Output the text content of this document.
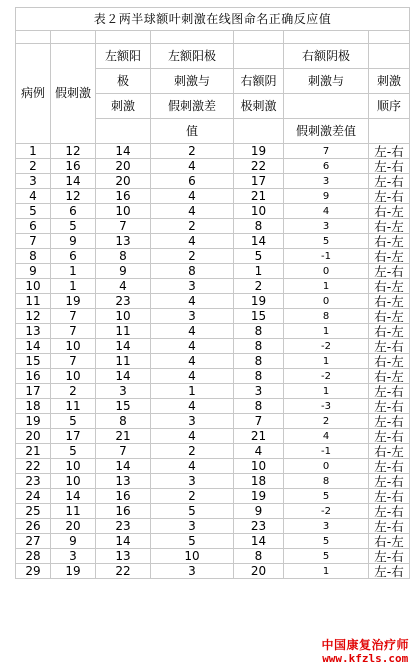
表２两半球额叶刺激在线图命名正确反应值						

病例	假刺激	左额阳	左额阳极		右额阴极	
		极	刺激与	右额阴	刺激与	刺激
		刺激	假刺激差	极刺激		顺序
			值		假刺激差值	
1	12	14	2	19	7	左-右
2	16	20	4	22	6	左-右
3	14	20	6	17	3	左-右
4	12	16	4	21	9	左-右
5	6	10	4	10	4	右-左
6	5	7	2	8	3	右-左
7	9	13	4	14	5	右-左
8	6	8	2	5	-1	右-左
9	1	9	8	1	0	左-右
10	1	4	3	2	1	右-左
11	19	23	4	19	0	右-左
12	7	10	3	15	8	右-左
13	7	11	4	8	1	右-左
14	10	14	4	8	-2	左-右
15	7	11	4	8	1	右-左
16	10	14	4	8	-2	右-左
17	2	3	1	3	1	左-右
18	11	15	4	8	-3	左-右
19	5	8	3	7	2	左-右
20	17	21	4	21	4	左-右
21	5	7	2	4	-1	右-左
22	10	14	4	10	0	左-右
23	10	13	3	18	8	左-右
24	14	16	2	19	5	左-右
25	11	16	5	9	-2	左-右
26	20	23	3	23	3	左-右
27	9	14	5	14	5	右-左
28	3	13	10	8	5	左-右
29	19	22	3	20	1	左-右
中国康复治疗师
www.kfzls.com
